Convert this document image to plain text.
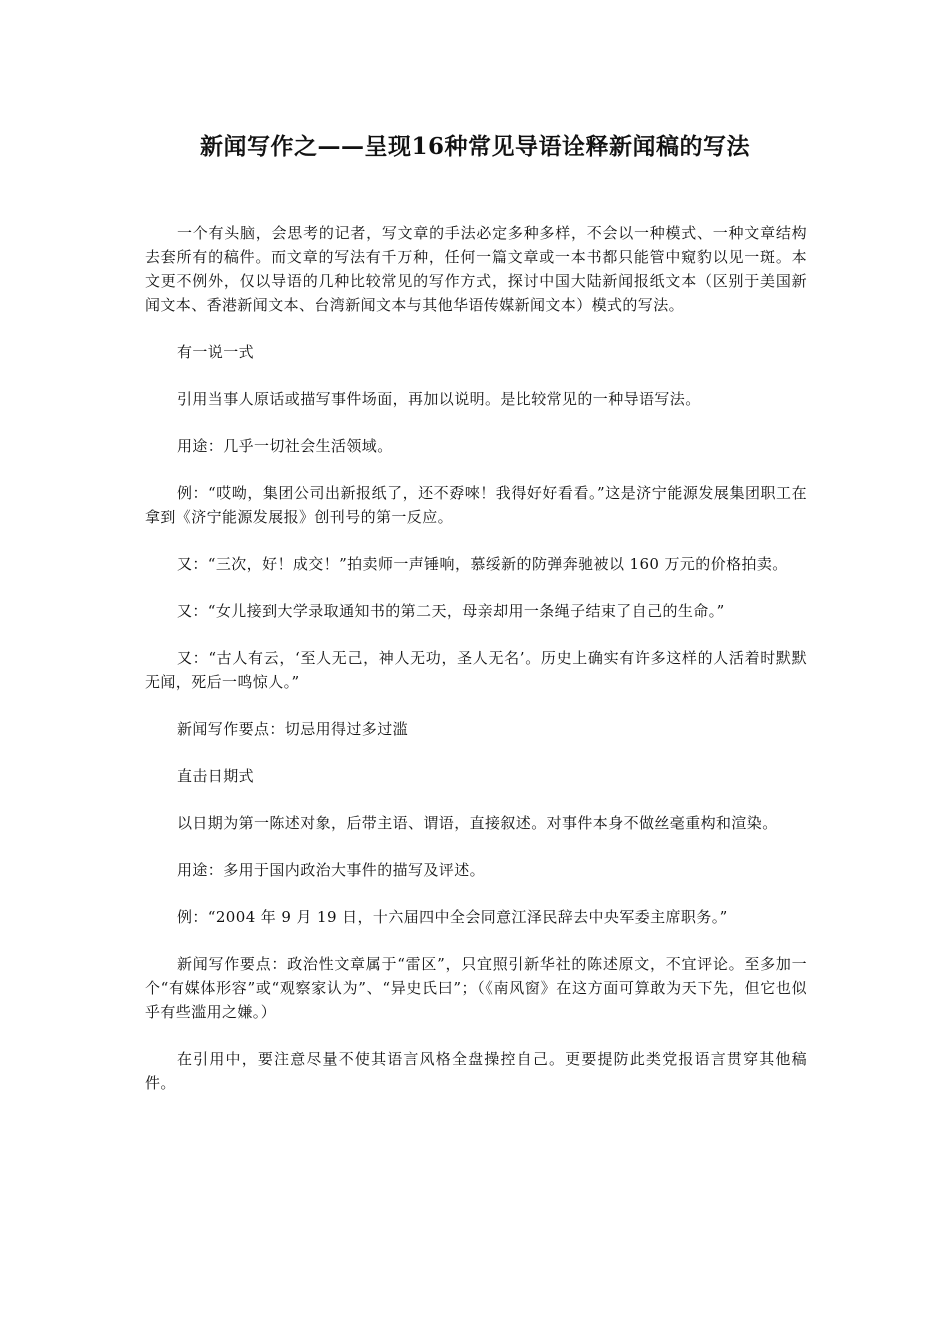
新闻写作之——呈现16种常见导语诠释新闻稿的写法

一个有头脑，会思考的记者，写文章的手法必定多种多样，不会以一种模式、一种文章结构去套所有的稿件。而文章的写法有千万种，任何一篇文章或一本书都只能管中窥豹以见一斑。本文更不例外，仅以导语的几种比较常见的写作方式，探讨中国大陆新闻报纸文本（区别于美国新闻文本、香港新闻文本、台湾新闻文本与其他华语传媒新闻文本）模式的写法。

有一说一式

引用当事人原话或描写事件场面，再加以说明。是比较常见的一种导语写法。

用途：几乎一切社会生活领域。

例：“哎呦，集团公司出新报纸了，还不孬唻！我得好好看看。”这是济宁能源发展集团职工在拿到《济宁能源发展报》创刊号的第一反应。

又：“三次，好！成交！”拍卖师一声锤响，慕绥新的防弹奔驰被以 160 万元的价格拍卖。

又：“女儿接到大学录取通知书的第二天，母亲却用一条绳子结束了自己的生命。”

又：“古人有云，‘至人无己，神人无功，圣人无名’。历史上确实有许多这样的人活着时默默无闻，死后一鸣惊人。”

新闻写作要点：切忌用得过多过滥

直击日期式

以日期为第一陈述对象，后带主语、谓语，直接叙述。对事件本身不做丝毫重构和渲染。

用途：多用于国内政治大事件的描写及评述。

例：“2004 年 9 月 19 日，十六届四中全会同意江泽民辞去中央军委主席职务。”

新闻写作要点：政治性文章属于“雷区”，只宜照引新华社的陈述原文，不宜评论。至多加一个“有媒体形容”或“观察家认为”、“异史氏曰”；（《南风窗》在这方面可算敢为天下先，但它也似乎有些滥用之嫌。）

在引用中，要注意尽量不使其语言风格全盘操控自己。更要提防此类党报语言贯穿其他稿件。
